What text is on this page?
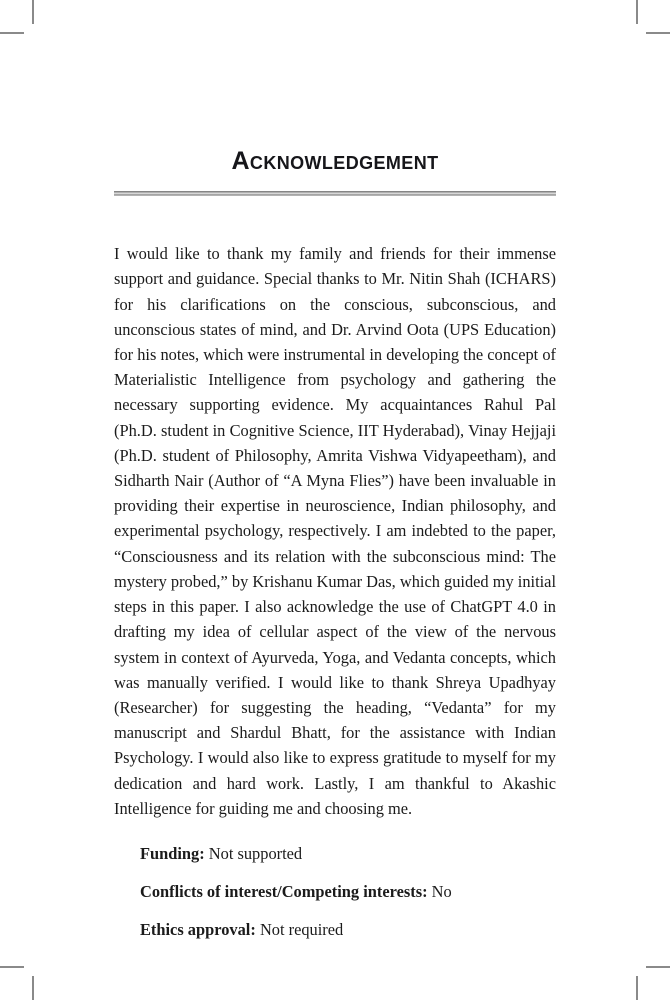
Acknowledgement

I would like to thank my family and friends for their immense support and guidance. Special thanks to Mr. Nitin Shah (ICHARS) for his clarifications on the conscious, subconscious, and unconscious states of mind, and Dr. Arvind Oota (UPS Education) for his notes, which were instrumental in developing the concept of Materialistic Intelligence from psychology and gathering the necessary supporting evidence. My acquaintances Rahul Pal (Ph.D. student in Cognitive Science, IIT Hyderabad), Vinay Hejjaji (Ph.D. student of Philosophy, Amrita Vishwa Vidyapeetham), and Sidharth Nair (Author of “A Myna Flies”) have been invaluable in providing their expertise in neuroscience, Indian philosophy, and experimental psychology, respectively. I am indebted to the paper, “Consciousness and its relation with the subconscious mind: The mystery probed,” by Krishanu Kumar Das, which guided my initial steps in this paper. I also acknowledge the use of ChatGPT 4.0 in drafting my idea of cellular aspect of the view of the nervous system in context of Ayurveda, Yoga, and Vedanta concepts, which was manually verified. I would like to thank Shreya Upadhyay (Researcher) for suggesting the heading, “Vedanta” for my manuscript and Shardul Bhatt, for the assistance with Indian Psychology. I would also like to express gratitude to myself for my dedication and hard work. Lastly, I am thankful to Akashic Intelligence for guiding me and choosing me.

Funding: Not supported
Conflicts of interest/Competing interests: No
Ethics approval: Not required
